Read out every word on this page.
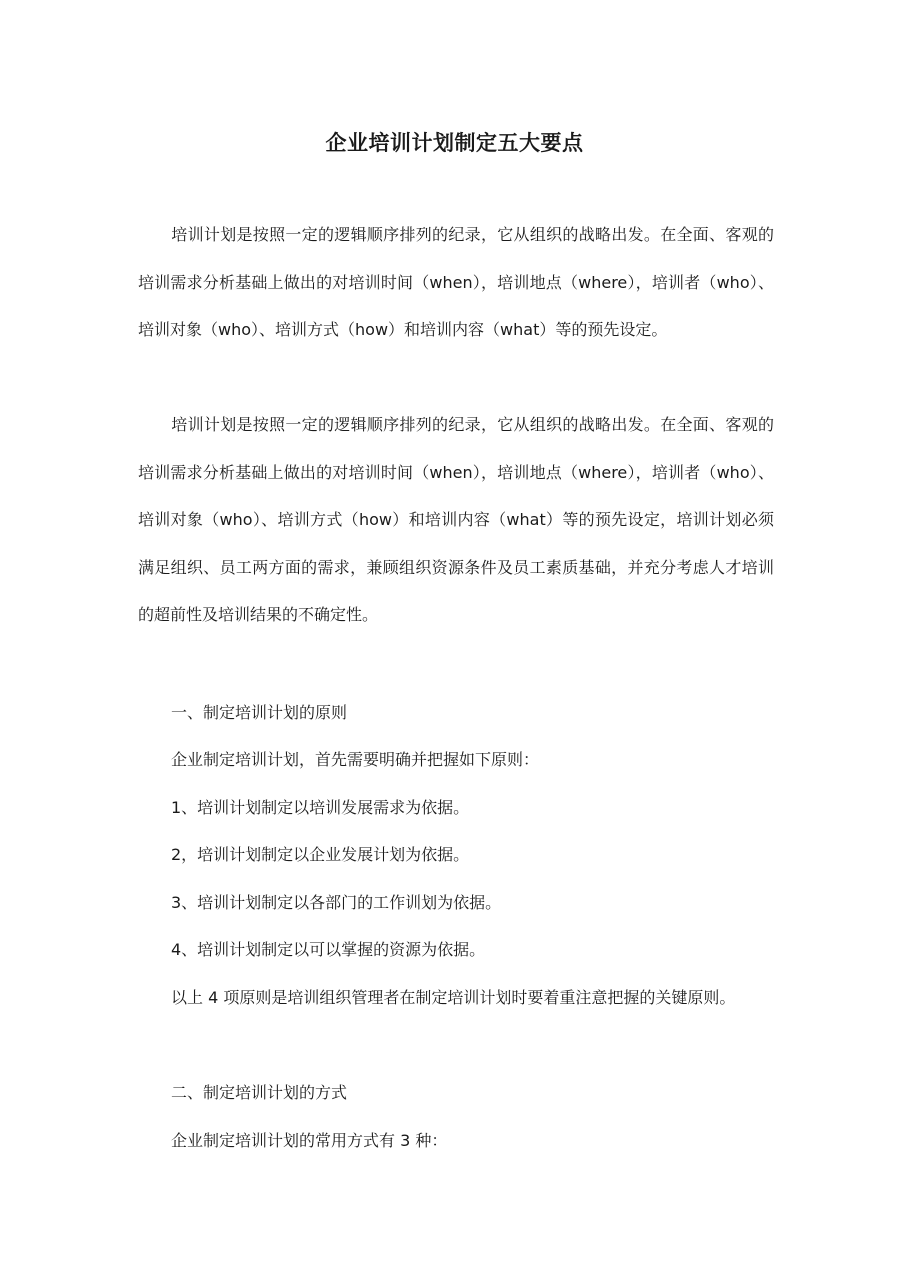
企业培训计划制定五大要点

培训计划是按照一定的逻辑顺序排列的纪录，它从组织的战略出发。在全面、客观的培训需求分析基础上做出的对培训时间（when），培训地点（where），培训者（who）、培训对象（who）、培训方式（how）和培训内容（what）等的预先设定。

培训计划是按照一定的逻辑顺序排列的纪录，它从组织的战略出发。在全面、客观的培训需求分析基础上做出的对培训时间（when），培训地点（where），培训者（who）、培训对象（who）、培训方式（how）和培训内容（what）等的预先设定，培训计划必须满足组织、员工两方面的需求，兼顾组织资源条件及员工素质基础，并充分考虑人才培训的超前性及培训结果的不确定性。

一、制定培训计划的原则

企业制定培训计划，首先需要明确并把握如下原则：

1、培训计划制定以培训发展需求为依据。

2，培训计划制定以企业发展计划为依据。

3、培训计划制定以各部门的工作训划为依据。

4、培训计划制定以可以掌握的资源为依据。

以上 4 项原则是培训组织管理者在制定培训计划时要着重注意把握的关键原则。

二、制定培训计划的方式

企业制定培训计划的常用方式有 3 种：
